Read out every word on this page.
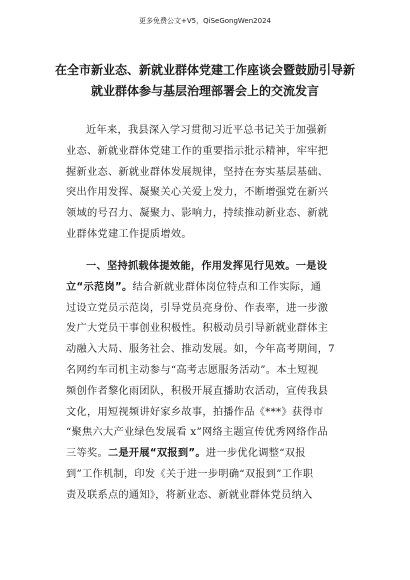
更多免费公文+V5，QiSeGongWen2024
在全市新业态、新就业群体党建工作座谈会暨鼓励引导新
就业群体参与基层治理部署会上的交流发言
近年来，我县深入学习贯彻习近平总书记关于加强新
业态、新就业群体党建工作的重要指示批示精神，牢牢把
握新业态、新就业群体发展规律，坚持在夯实基层基础、
突出作用发挥、凝聚关心关爱上发力，不断增强党在新兴
领域的号召力、凝聚力、影响力，持续推动新业态、新就
业群体党建工作提质增效。
一、坚持抓载体提效能，作用发挥见行见效。一是设
立“示范岗”。结合新就业群体岗位特点和工作实际，通
过设立党员示范岗，引导党员亮身份、作表率，进一步激
发广大党员干事创业积极性。积极动员引导新就业群体主
动融入大局、服务社会、推动发展。如，今年高考期间，7
名网约车司机主动参与“高考志愿服务活动”。本土短视
频创作者黎化雨团队，积极开展直播助农活动，宣传我县
文化，用短视频讲好家乡故事，拍播作品《***》获得市
“聚焦六大产业绿色发展看 x”网络主题宣传优秀网络作品
三等奖。二是开展“双报到”。进一步优化调整“双报
到”工作机制，印发《关于进一步明确“双报到”工作职
责及联系点的通知》，将新业态、新就业群体党员纳入
